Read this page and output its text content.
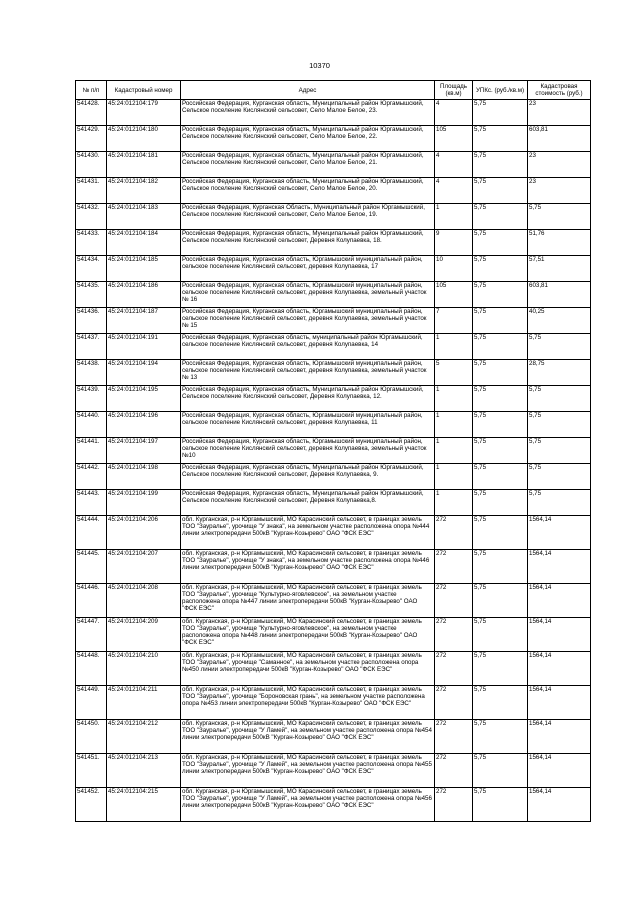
10370
№ п/п	Кадастровый номер	Адрес	Площадь (кв.м)	УПКс. (руб./кв.м)	Кадастровая стоимость (руб.)
541428.	45:24:012104:179	Российская Федерация, Курганская область, Муниципальный район Юргамышский, Сельское поселение Кислянский сельсовет, Село Малое Белое, 23.	4	5,75	23
541429.	45:24:012104:180	Российская Федерация, Курганская область, Муниципальный район Юргамышский, Сельское поселение Кислянский сельсовет, Село Малое Белое, 22.	105	5,75	603,81
541430.	45:24:012104:181	Российская Федерация, Курганская область, Муниципальный район Юргамышский, Сельское поселение Кислянский сельсовет, Село Малое Белое, 21.	4	5,75	23
541431.	45:24:012104:182	Российская Федерация, Курганская область, Муниципальный район Юргамышский, Сельское поселение Кислянский сельсовет, Село Малое Белое, 20.	4	5,75	23
541432.	45:24:012104:183	Российская Федерация, Курганская Область, Муниципальный район Юргамышский, Сельское поселение Кислянский сельсовет, Село Малое Белое, 19.	1	5,75	5,75
541433.	45:24:012104:184	Российская Федерация, Курганская область, Муниципальный район Юргамышский, Сельское поселение Кислянский сельсовет, Деревня Колупаевка, 18.	9	5,75	51,76
541434.	45:24:012104:185	Российская Федерация, Курганская область, Юргамышский муниципальный район, сельское поселение Кислянский сельсовет, деревня Колупаевка, 17	10	5,75	57,51
541435.	45:24:012104:186	Российская Федерация, Курганская область, Юргамышский муниципальный район, сельское поселение Кислянский сельсовет, деревня Колупаевка, земельный участок № 16	105	5,75	603,81
541436.	45:24:012104:187	Российская Федерация, Курганская область, Юргамышский муниципальный район, сельское поселение Кислянский сельсовет, деревня Колупаевка, земельный участок № 15	7	5,75	40,25
541437.	45:24:012104:191	Российская Федерация, Курганская область, муниципальный район Юргамышский, сельское поселение Кислянский сельсовет, деревня Колупаевка, 14	1	5,75	5,75
541438.	45:24:012104:194	Российская Федерация, Курганская область, Юргамышский муниципальный район, сельское поселение Кислянский сельсовет, деревня Колупаевка, земельный участок № 13	5	5,75	28,75
541439.	45:24:012104:195	Российская Федерация, Курганская область, Муниципальный район Юргамышский, Сельское поселение Кислянский сельсовет, Деревня Колупаевка, 12.	1	5,75	5,75
541440.	45:24:012104:196	Российская Федерация, Курганская область, Юргамышский муниципальный район, сельское поселение Кислянский сельсовет, деревня Колупаевка, 11	1	5,75	5,75
541441.	45:24:012104:197	Российская Федерация, Курганская область, Юргамышский муниципальный район, сельское поселение Кислянский сельсовет, деревня Колупаевка, земельный участок №10	1	5,75	5,75
541442.	45:24:012104:198	Российская Федерация, Курганская область, Муниципальный район Юргамышский, Сельское поселение Кислянский сельсовет, Деревня Колупаевка, 9.	1	5,75	5,75
541443.	45:24:012104:199	Российская Федерация, Курганская область, Муниципальный район Юргамышский, Сельское поселение Кислянский сельсовет, Деревня Колупаевка,8.	1	5,75	5,75
541444.	45:24:012104:206	обл. Курганская, р-н Юргамышский, МО Карасинский сельсовет, в границах земель ТОО "Зауралье", урочище "У знака", на земельном участке расположена опора №444 линии электропередачи 500кВ "Курган-Козырево" ОАО "ФСК ЕЭС"	272	5,75	1564,14
541445.	45:24:012104:207	обл. Курганская, р-н Юргамышский, МО Карасинский сельсовет, в границах земель ТОО "Зауралье", урочище "У знака", на земельном участке расположена опора №446 линии электропередачи 500кВ "Курган-Козырево" ОАО "ФСК ЕЭС"	272	5,75	1564,14
541446.	45:24:012104:208	обл. Курганская, р-н Юргамышский, МО Карасинский сельсовет, в границах земель ТОО "Зауралье", урочище "Культурно-яговлевское", на земельном участке расположена опора №447 линии электропередачи 500кВ "Курган-Козырево" ОАО "ФСК ЕЭС"	272	5,75	1564,14
541447.	45:24:012104:209	обл. Курганская, р-н Юргамышский, МО Карасинский сельсовет, в границах земель ТОО "Зауралье", урочище "Культурно-яговлевское", на земельном участке расположена опора №448 линии электропередачи 500кВ "Курган-Козырево" ОАО "ФСК ЕЭС"	272	5,75	1564,14
541448.	45:24:012104:210	обл. Курганская, р-н Юргамышский, МО Карасинский сельсовет, в границах земель ТОО "Зауралье", урочище "Саманное", на земельном участке расположена опора №450 линии электропередачи 500кВ "Курган-Козырево" ОАО "ФСК ЕЭС"	272	5,75	1564,14
541449.	45:24:012104:211	обл. Курганская, р-н Юргамышский, МО Карасинский сельсовет, в границах земель ТОО "Зауралье", урочище "Бороновская грань", на земельном участке расположена опора №453 линии электропередачи 500кВ "Курган-Козырево" ОАО "ФСК ЕЭС"	272	5,75	1564,14
541450.	45:24:012104:212	обл. Курганская, р-н Юргамышский, МО Карасинский сельсовет, в границах земель ТОО "Зауралье", урочище "У Ламей", на земельном участке расположена опора №454 линии электропередачи 500кВ "Курган-Козырево" ОАО "ФСК ЕЭС"	272	5,75	1564,14
541451.	45:24:012104:213	обл. Курганская, р-н Юргамышский, МО Карасинский сельсовет, в границах земель ТОО "Зауралье", урочище "У Ламей", на земельном участке расположена опора №455 линии электропередачи 500кВ "Курган-Козырево" ОАО "ФСК ЕЭС"	272	5,75	1564,14
541452.	45:24:012104:215	обл. Курганская, р-н Юргамышский, МО Карасинский сельсовет, в границах земель ТОО "Зауралье", урочище "У Ламей", на земельном участке расположена опора №456 линии электропередачи 500кВ "Курган-Козырево" ОАО "ФСК ЕЭС"	272	5,75	1564,14
